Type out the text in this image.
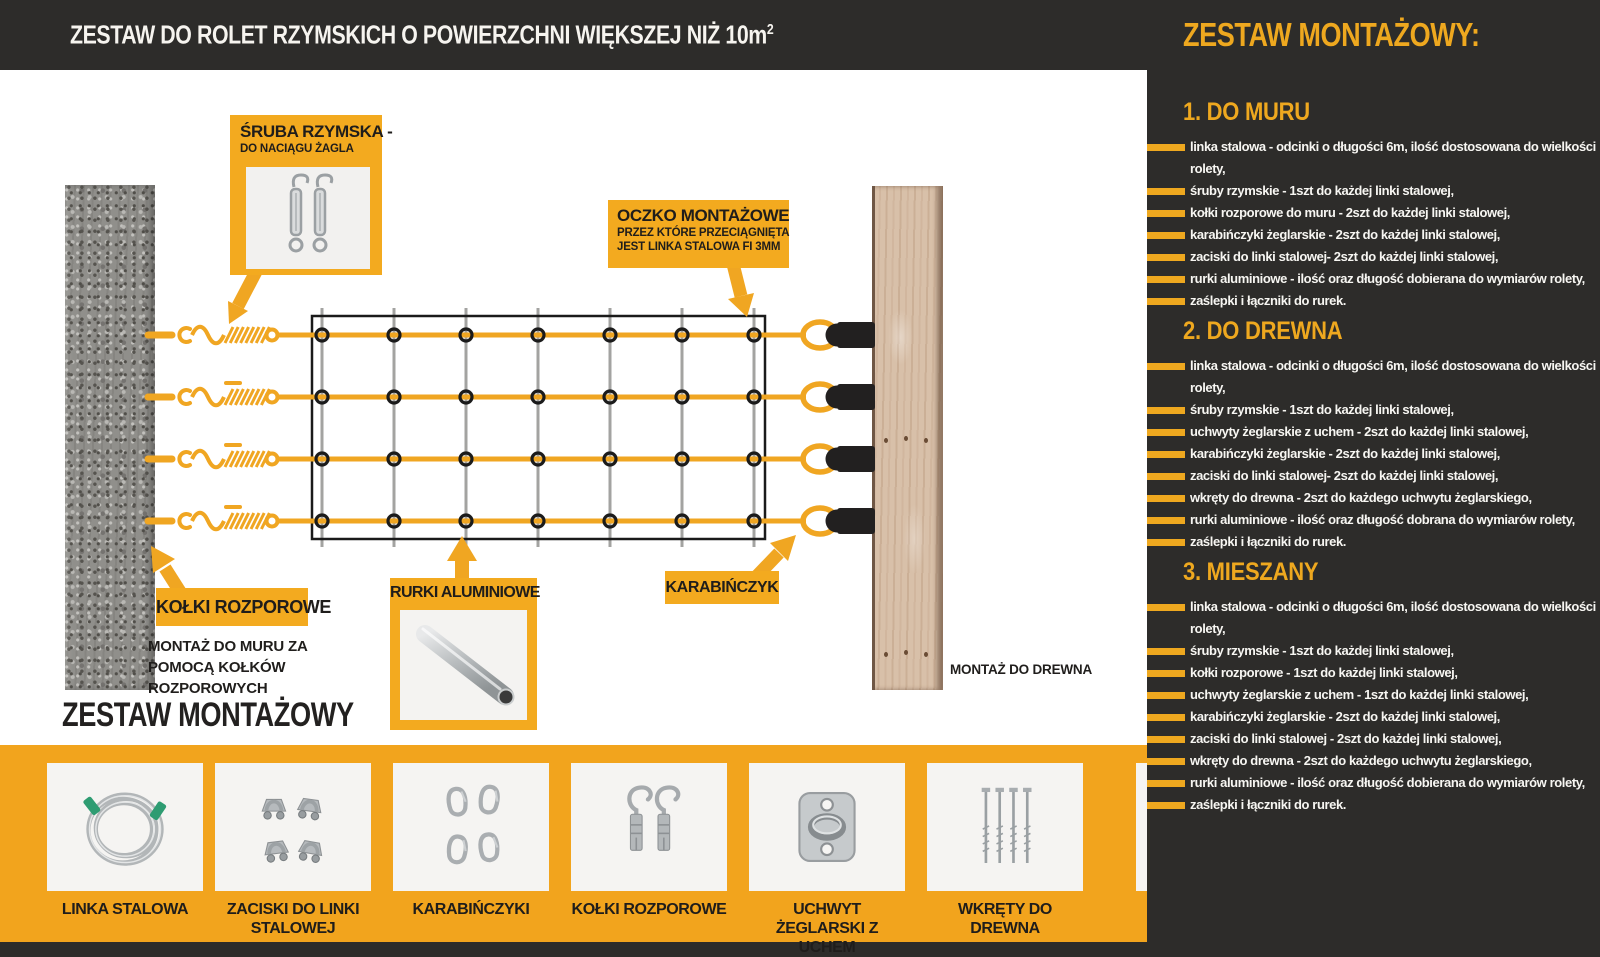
ZESTAW DO ROLET RZYMSKICH O POWIERZCHNI WIĘKSZEJ NIŻ $10m^2$
ŚRUBA RZYMSKA -
DO NACIĄGU ŻAGLA
OCZKO MONTAŻOWE
PRZEZ KTÓRE PRZECIĄGNIĘTA
JEST LINKA STALOWA FI 3MM
KOŁKI ROZPOROWE
RURKI ALUMINIOWE	KARABIŃCZYK
MONTAŻ DO MURU ZA POMOCĄ KOŁKÓW ROZPOROWYCH
MONTAŻ DO DREWNA
ZESTAW MONTAŻOWY
LINKA STALOWA	ZACISKI DO LINKI STALOWEJ
KARABIŃCZYKI	KOŁKI ROZPOROWE	UCHWYT ŻEGLARSKI Z UCHEM
WKRĘTY DO DREWNA
ZESTAW MONTAŻOWY:
1. DO MURU
linka stalowa - odcinki o długości 6m, ilość dostosowana do wielkości rolety,
śruby rzymskie - 1szt do każdej linki stalowej,
kołki rozporowe do muru - 2szt do każdej linki stalowej,
karabińczyki żeglarskie - 2szt do każdej linki stalowej,
zaciski do linki stalowej- 2szt do każdej linki stalowej,
rurki aluminiowe - ilość oraz długość dobierana do wymiarów rolety,
zaślepki i łączniki do rurek.
2. DO DREWNA
linka stalowa - odcinki o długości 6m, ilość dostosowana do wielkości rolety,
śruby rzymskie - 1szt do każdej linki stalowej,
uchwyty żeglarskie z uchem - 2szt do każdej linki stalowej,
karabińczyki żeglarskie - 2szt do każdej linki stalowej,
zaciski do linki stalowej- 2szt do każdej linki stalowej,
wkręty do drewna - 2szt do każdego uchwytu żeglarskiego,
rurki aluminiowe - ilość oraz długość dobrana do wymiarów rolety,
zaślepki i łączniki do rurek.
3. MIESZANY
linka stalowa - odcinki o długości 6m, ilość dostosowana do wielkości rolety,
śruby rzymskie - 1szt do każdej linki stalowej,
kołki rozporowe - 1szt do każdej linki stalowej,
uchwyty żeglarskie z uchem - 1szt do każdej linki stalowej,
karabińczyki żeglarskie - 2szt do każdej linki stalowej,
zaciski do linki stalowej - 2szt do każdej linki stalowej,
wkręty do drewna - 2szt do każdego uchwytu żeglarskiego,
rurki aluminiowe - ilość oraz długość dobierana do wymiarów rolety,
zaślepki i łączniki do rurek.
